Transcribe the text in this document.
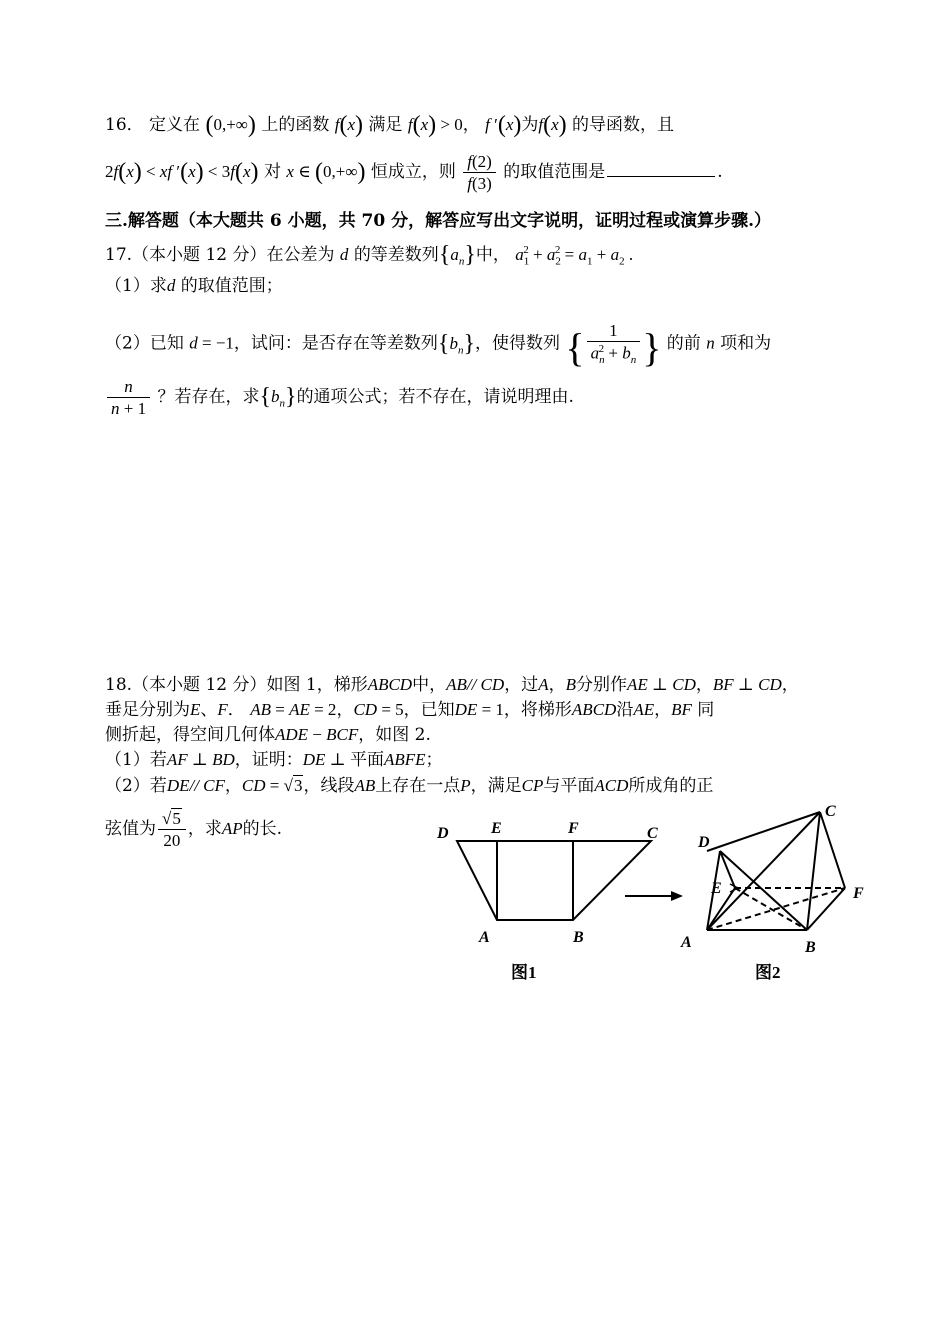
16． 定义在 (0,+∞) 上的函数 f(x) 满足 f(x) > 0， f ′(x)为f(x) 的导函数，且
2f(x) < xf ′(x) < 3f(x) 对 x ∈ (0,+∞) 恒成立，则 $\frac{f(2)}{f(3)}$ 的取值范围是	.
三.解答题（本大题共 6 小题，共 70 分，解答应写出文字说明，证明过程或演算步骤.）
17.（本小题 12 分）在公差为 d 的等差数列$\{a_n\}$中， $a_1^2 + a_2^2 = a_1 + a_2$ .
（1）求d 的取值范围；
（2）已知 d = −1，试问：是否存在等差数列$\{b_n\}$，使得数列 { $\frac{1}{a_n^2 + b_n}$ } 的前 n 项和为
$\frac{n}{n + 1}$ ？若存在，求$\{b_n\}$的通项公式；若不存在，请说明理由.
18.（本小题 12 分）如图 1，梯形ABCD中，AB// CD，过A，B分别作AE ⊥ CD，BF ⊥ CD，
垂足分别为E、F． AB = AE = 2，CD = 5，已知DE = 1，将梯形ABCD沿AE，BF 同
侧折起，得空间几何体ADE − BCF，如图 2.
（1）若AF ⊥ BD，证明：DE ⊥ 平面ABFE；
（2）若DE// CF，CD = √3，线段AB上存在一点P，满足CP与平面ACD所成角的正
弦值为 $\frac{√5}{20}$ ，求AP的长.	D	E	F	C
A	B
图1
D
E	F
C
A	B
图2
